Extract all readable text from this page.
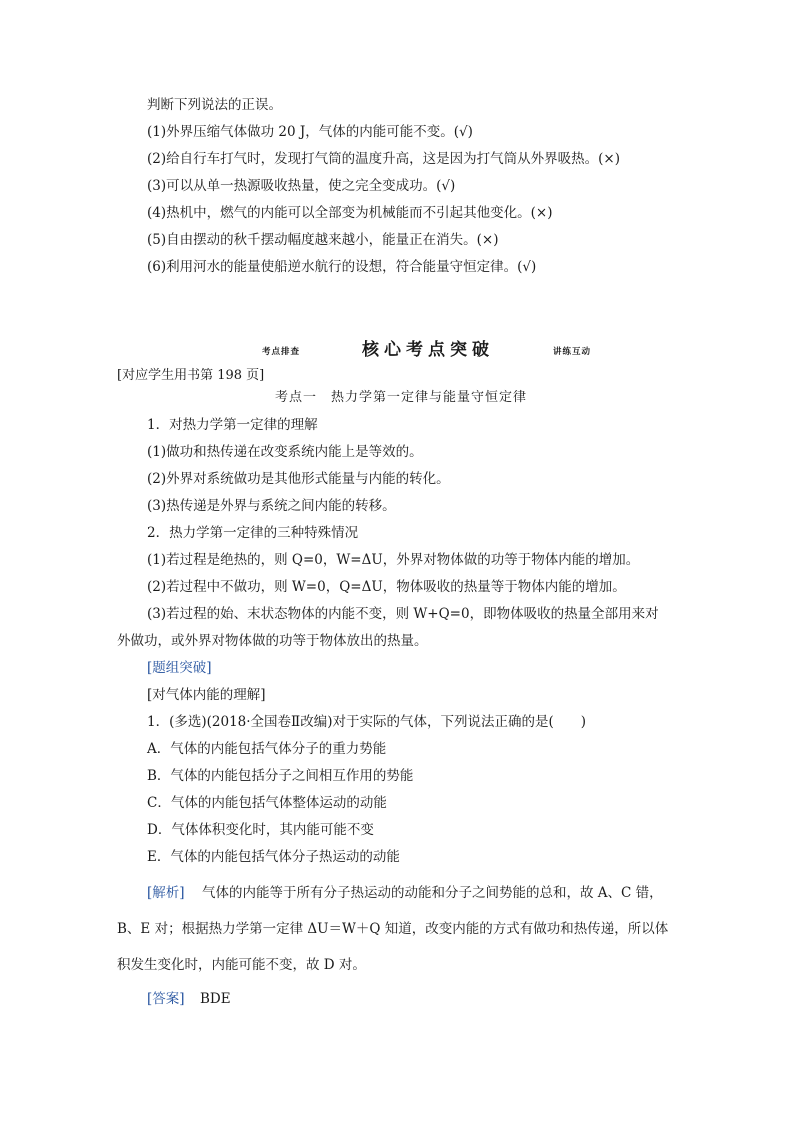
判断下列说法的正误。
(1)外界压缩气体做功 20 J，气体的内能可能不变。(√)
(2)给自行车打气时，发现打气筒的温度升高，这是因为打气筒从外界吸热。(×)
(3)可以从单一热源吸收热量，使之完全变成功。(√)
(4)热机中，燃气的内能可以全部变为机械能而不引起其他变化。(×)
(5)自由摆动的秋千摆动幅度越来越小，能量正在消失。(×)
(6)利用河水的能量使船逆水航行的设想，符合能量守恒定律。(√)
考点排查	核心考点突破	讲练互动
[对应学生用书第 198 页]
考点一　热力学第一定律与能量守恒定律
1．对热力学第一定律的理解
(1)做功和热传递在改变系统内能上是等效的。
(2)外界对系统做功是其他形式能量与内能的转化。
(3)热传递是外界与系统之间内能的转移。
2．热力学第一定律的三种特殊情况
(1)若过程是绝热的，则 Q=0，W=ΔU，外界对物体做的功等于物体内能的增加。
(2)若过程中不做功，则 W=0，Q=ΔU，物体吸收的热量等于物体内能的增加。
(3)若过程的始、末状态物体的内能不变，则 W+Q=0，即物体吸收的热量全部用来对
外做功，或外界对物体做的功等于物体放出的热量。
[题组突破]
[对气体内能的理解]
1．(多选)(2018·全国卷Ⅱ改编)对于实际的气体，下列说法正确的是(　　)
A．气体的内能包括气体分子的重力势能
B．气体的内能包括分子之间相互作用的势能
C．气体的内能包括气体整体运动的动能
D．气体体积变化时，其内能可能不变
E．气体的内能包括气体分子热运动的动能
[解析] 气体的内能等于所有分子热运动的动能和分子之间势能的总和，故 A、C 错，
B、E 对；根据热力学第一定律 ΔU＝W＋Q 知道，改变内能的方式有做功和热传递，所以体
积发生变化时，内能可能不变，故 D 对。
[答案] BDE
